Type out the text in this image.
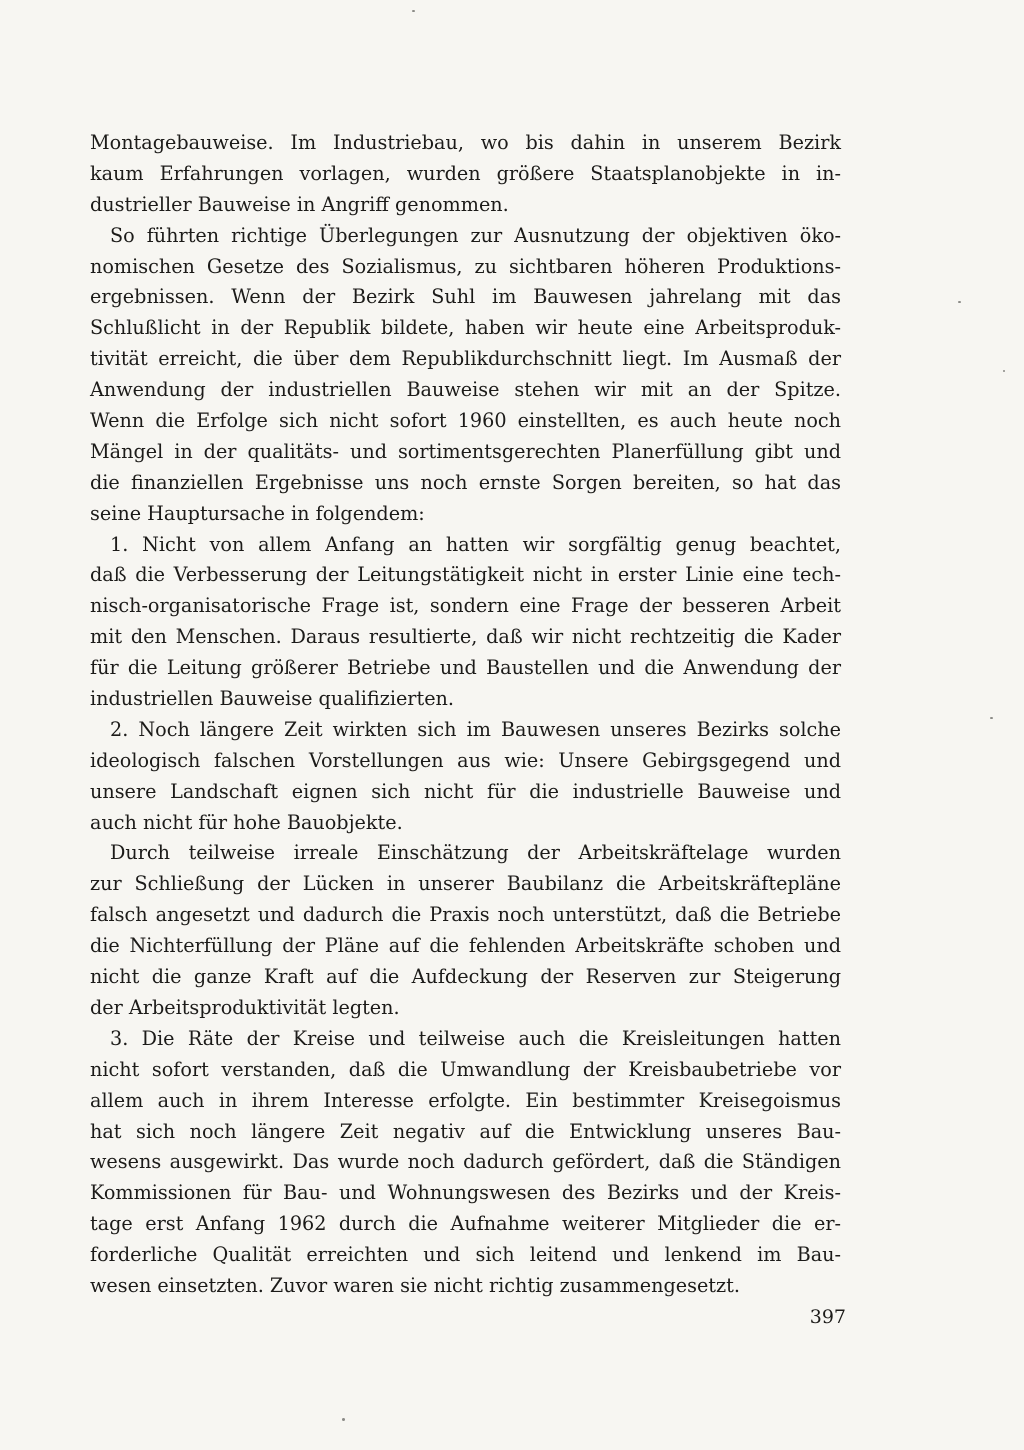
Montagebauweise. Im Industriebau, wo bis dahin in unserem Bezirk
kaum Erfahrungen vorlagen, wurden größere Staatsplanobjekte in in-
dustrieller Bauweise in Angriff genommen.
So führten richtige Überlegungen zur Ausnutzung der objektiven öko-
nomischen Gesetze des Sozialismus, zu sichtbaren höheren Produktions-
ergebnissen. Wenn der Bezirk Suhl im Bauwesen jahrelang mit das
Schlußlicht in der Republik bildete, haben wir heute eine Arbeitsproduk-
tivität erreicht, die über dem Republikdurchschnitt liegt. Im Ausmaß der
Anwendung der industriellen Bauweise stehen wir mit an der Spitze.
Wenn die Erfolge sich nicht sofort 1960 einstellten, es auch heute noch
Mängel in der qualitäts- und sortimentsgerechten Planerfüllung gibt und
die finanziellen Ergebnisse uns noch ernste Sorgen bereiten, so hat das
seine Hauptursache in folgendem:
1. Nicht von allem Anfang an hatten wir sorgfältig genug beachtet,
daß die Verbesserung der Leitungstätigkeit nicht in erster Linie eine tech-
nisch-organisatorische Frage ist, sondern eine Frage der besseren Arbeit
mit den Menschen. Daraus resultierte, daß wir nicht rechtzeitig die Kader
für die Leitung größerer Betriebe und Baustellen und die Anwendung der
industriellen Bauweise qualifizierten.
2. Noch längere Zeit wirkten sich im Bauwesen unseres Bezirks solche
ideologisch falschen Vorstellungen aus wie: Unsere Gebirgsgegend und
unsere Landschaft eignen sich nicht für die industrielle Bauweise und
auch nicht für hohe Bauobjekte.
Durch teilweise irreale Einschätzung der Arbeitskräftelage wurden
zur Schließung der Lücken in unserer Baubilanz die Arbeitskräftepläne
falsch angesetzt und dadurch die Praxis noch unterstützt, daß die Betriebe
die Nichterfüllung der Pläne auf die fehlenden Arbeitskräfte schoben und
nicht die ganze Kraft auf die Aufdeckung der Reserven zur Steigerung
der Arbeitsproduktivität legten.
3. Die Räte der Kreise und teilweise auch die Kreisleitungen hatten
nicht sofort verstanden, daß die Umwandlung der Kreisbaubetriebe vor
allem auch in ihrem Interesse erfolgte. Ein bestimmter Kreisegoismus
hat sich noch längere Zeit negativ auf die Entwicklung unseres Bau-
wesens ausgewirkt. Das wurde noch dadurch gefördert, daß die Ständigen
Kommissionen für Bau- und Wohnungswesen des Bezirks und der Kreis-
tage erst Anfang 1962 durch die Aufnahme weiterer Mitglieder die er-
forderliche Qualität erreichten und sich leitend und lenkend im Bau-
wesen einsetzten. Zuvor waren sie nicht richtig zusammengesetzt.
397
